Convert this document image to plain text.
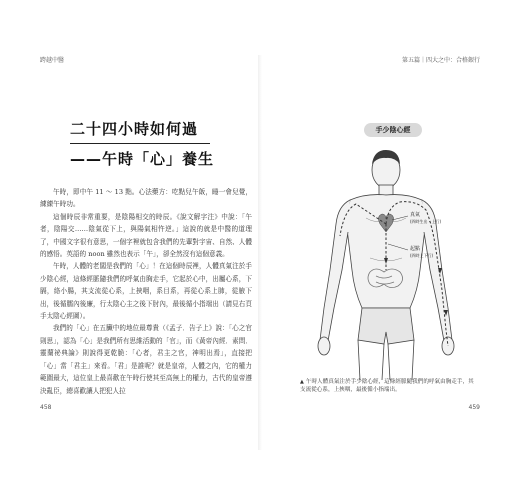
跨越中醫	第五篇｜四大之中：合格銀行
二十四小時如何過
——午時「心」養生

午時，即中午 11 ～ 13 點。心法藥方：吃點兒午飯，睡一會兒覺，練練午時功。

這個時辰非常重要，是陰陽相交的時辰。《說文解字注》中說：「午者，陰陽交……陰氣從下上，與陽氣相忤逆。」這說的就是中醫的道理了，中國文字很有意思，一個字裡就包含我們的先輩對宇宙、自然、人體的感悟。英語的 noon 雖然也表示「午」，卻全然沒有這個意義。

午時，人體的老闆是我們的「心」！在這個時辰裡，人體真氣注於手少陰心經，這條經脈隨我們的呼氣由胸走手，它起於心中，出屬心系，下膈，絡小腸，其支流從心系，上挾咽，系目系，再從心系上肺，從腋下出，後循臑內後廉，行太陰心主之後下肘內，最後循小指端出（請見右頁手太陰心經圖）。

我們的「心」在五臟中的地位最尊貴（《孟子．告子上》說：「心之官則思」，認為「心」是我們所有思維活動的「官」，而《黃帝內經．素問．靈蘭祕典論》則說得更乾脆：「心者，君主之官，神明出焉」，直接把「心」當「君主」來看。「君」是誰呢？就是皇帝，人體之內，它的權力範圍最大，這位皇上最喜歡在午時行使其至高無上的權力，古代的皇帝遵決亂臣，總喜歡讓人把犯人拉

手少陰心經
真氣
(四時生出・上行)
起點
(四時上下行)
▲ 午時人體真氣注於手少陰心經，這條經脈隨我們的呼氣由胸走手，其支流從心系，上挾咽，最後循小指端出。
458	459
